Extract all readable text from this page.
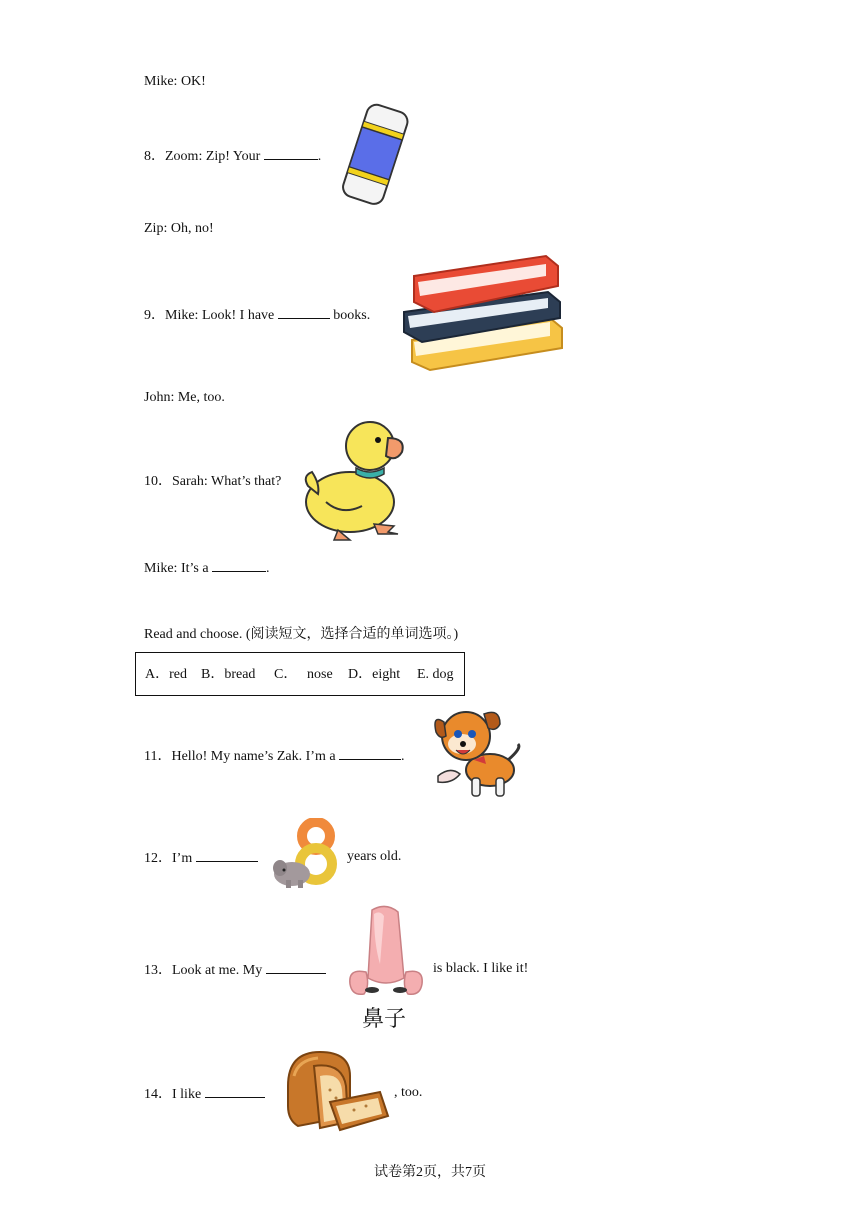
Mike: OK!
8．Zoom: Zip! Your	.
Zip: Oh, no!
9．Mike: Look! I have	books.
John: Me, too.
10．Sarah: What’s that?
Mike: It’s a	.
Read and choose. (阅读短文，选择合适的单词选项。)
A．red B．bread C． nose D．eight E. dog
11．Hello! My name’s Zak. I’m a	.
12．I’m	years old.
13．Look at me. My
鼻子
is black. I like it!
14．I like	, too.
试卷第2页，共7页
